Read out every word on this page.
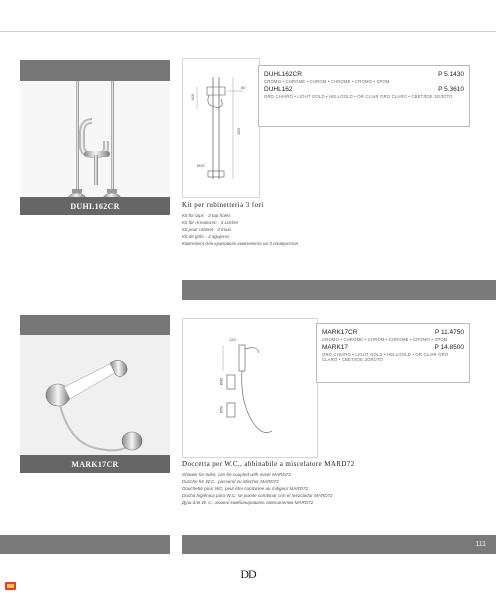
DUHL162CR
280
168
80
Ø35
DUHL162CR	P 5.1430
CROMO • CHROME • CHROM • CHROME • CROMO • ХРОМ
DUHL162	P 5.3610
ORO CHIARO • LIGHT GOLD • HELLGOLD • OR CLAIR ORO CLARO • СВЕТЛОЕ ЗОЛОТО
Kit per rubinetteria 3 fori
Kit for taps - 3 tap holes
Kit für Armaturen - 3 Löcher
Kit pour robinet - 3 trous
Kit de grifo - 3 agujeros
Комплект для кранового комплекта на 3 отверстия
MARK17CR
120
Ø46
Ø50
MARK17CR	P 11.4750
CROMO • CHROME • CHROM • CHROME • CROMO • ХРОМ
MARK17	P 14.8500
ORO CHIARO • LIGHT GOLD • HELLGOLD • OR CLAIR ORO CLARO • СВЕТЛОЕ ЗОЛОТО
Doccetta per W.C., abbinabile a miscelatore MARD72
Shower for toilet, can be coupled with mixer MARD72
Dusche für W.C., passend zu Mischer MARD72
Douchette pour WC, peut être combinée au mitigeur MARD72
Ducha higiénica para W.C. se puede combinar con el mezclador MARD72
Душ для W. C., можно комбинировать смесителем MARD72
111
DD
